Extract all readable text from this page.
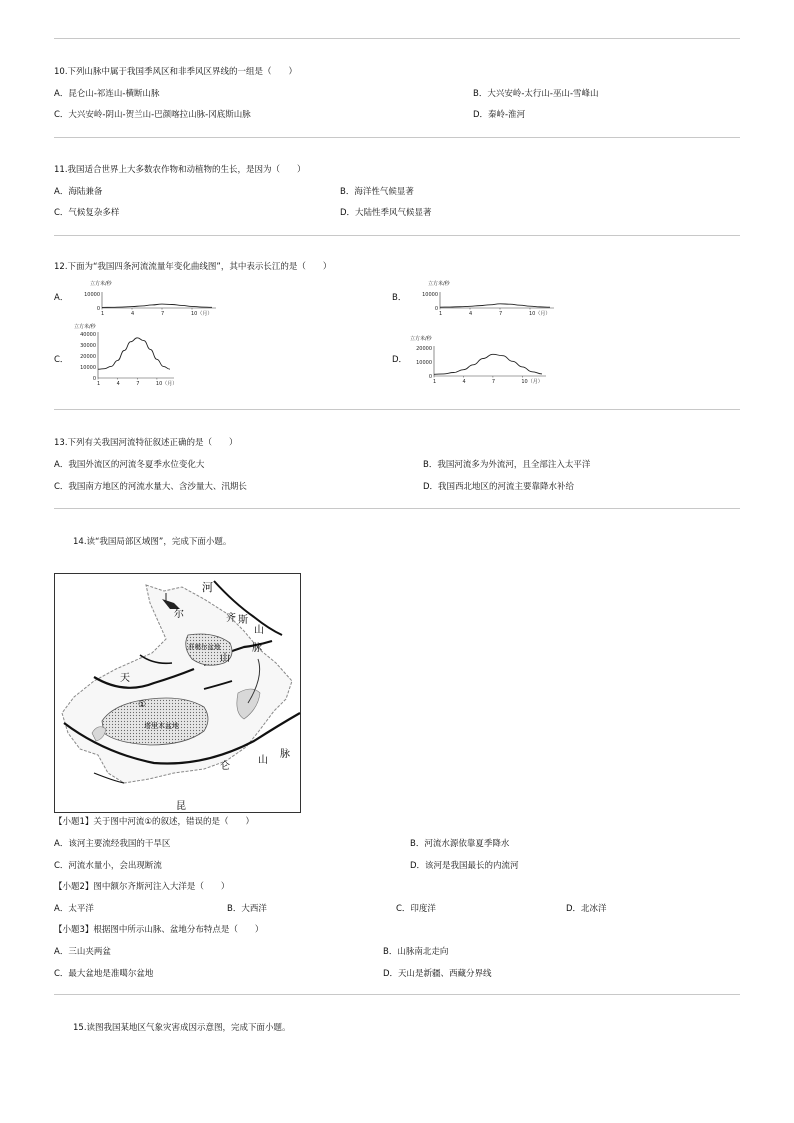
10.下列山脉中属于我国季风区和非季风区界线的一组是（　　）
A．昆仑山-祁连山-横断山脉	B．大兴安岭-太行山-巫山-雪峰山
C．大兴安岭-阴山-贺兰山-巴颜喀拉山脉-冈底斯山脉	D．秦岭-淮河
11.我国适合世界上大多数农作物和动植物的生长，是因为（　　）
A．海陆兼备	B．海洋性气候显著
C．气候复杂多样	D．大陆性季风气候显著
12.下面为“我国四条河流流量年变化曲线图”，其中表示长江的是（　　）
A．
立方米/秒
10000
0
1	4	7	10（月）
B．
立方米/秒
10000
0
1	4	7	10（月）
C．
立方米/秒
40000
30000
20000
10000
0
1	4	7	10（月）
D．
立方米/秒
20000
10000
0
1	4	7	10（月）
13.下列有关我国河流特征叙述正确的是（　　）
A．我国外流区的河流冬夏季水位变化大	B．我国河流多为外流河，且全部注入太平洋
C．我国南方地区的河流水量大、含沙量大、汛期长	D．我国西北地区的河流主要靠降水补给
14.读“我国局部区域图”，完成下面小题。
河
准噶尔盆地
塔里木盆地
①
天
山
脉
昆
仑
山
脉
尔	齐 斯
山
【小题1】关于图中河流①的叙述，错误的是（　　）
A．该河主要流经我国的干旱区	B．河流水源依靠夏季降水
C．河流水量小，会出现断流	D．该河是我国最长的内流河
【小题2】图中额尔齐斯河注入大洋是（　　）
A．太平洋	B．大西洋	C．印度洋	D．北冰洋
【小题3】根据图中所示山脉、盆地分布特点是（　　）
A．三山夹两盆	B．山脉南北走向
C．最大盆地是准噶尔盆地	D．天山是新疆、西藏分界线
15.读图我国某地区气象灾害成因示意图，完成下面小题。
